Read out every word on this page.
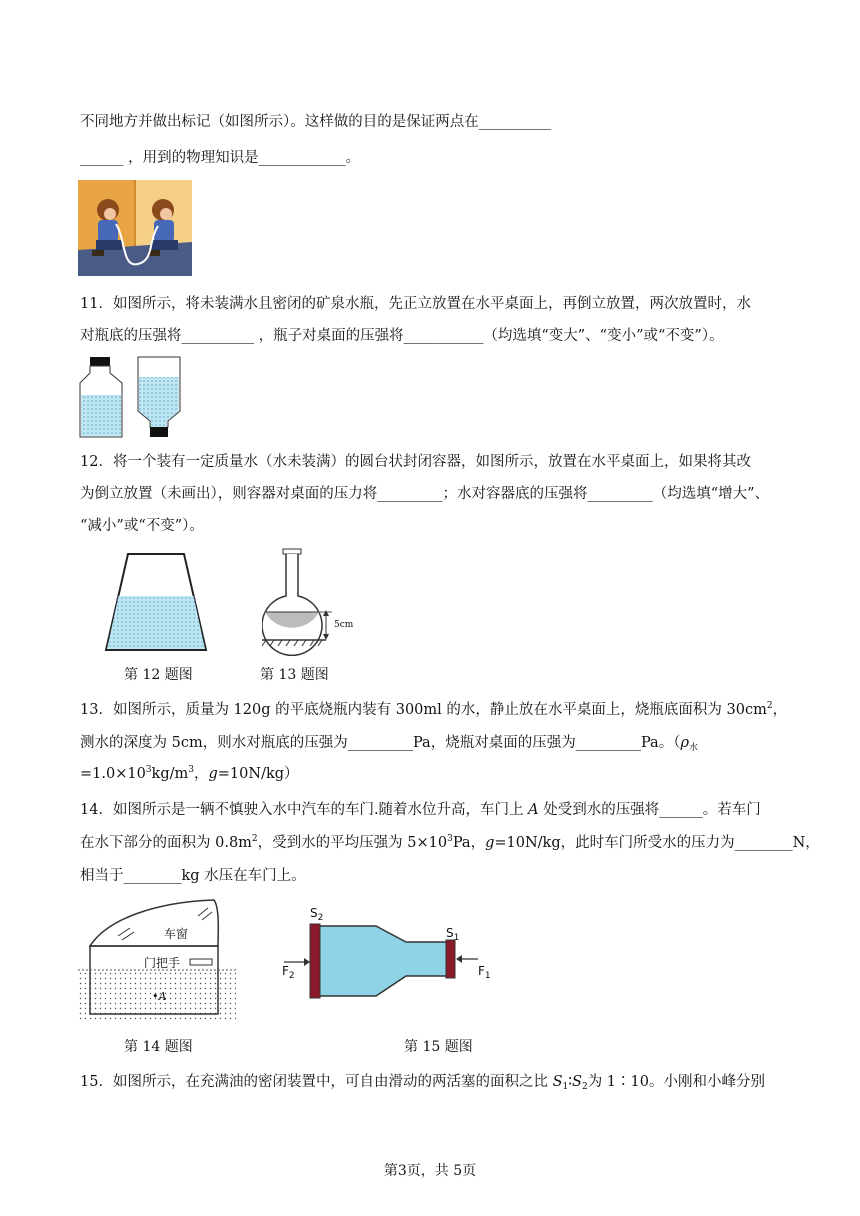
不同地方并做出标记（如图所示）。这样做的目的是保证两点在__________
______ ，用到的物理知识是____________。
11．如图所示，将未装满水且密闭的矿泉水瓶，先正立放置在水平桌面上，再倒立放置，两次放置时，水
对瓶底的压强将__________ ，瓶子对桌面的压强将___________（均选填“变大”、“变小”或“不变”）。
12．将一个装有一定质量水（水未装满）的圆台状封闭容器，如图所示，放置在水平桌面上，如果将其改
为倒立放置（未画出），则容器对桌面的压力将_________；水对容器底的压强将_________（均选填“增大”、
“减小”或“不变”）。
5cm
第 12 题图	第 13 题图
13．如图所示，质量为 120g 的平底烧瓶内装有 300ml 的水，静止放在水平桌面上，烧瓶底面积为 $30cm^2$，
测水的深度为 5cm，则水对瓶底的压强为_________Pa，烧瓶对桌面的压强为_________Pa。（$\rho_水$
$=1.0\times 10^3kg/m^3$，g=10N/kg）
14．如图所示是一辆不慎驶入水中汽车的车门.随着水位升高，车门上 A 处受到水的压强将______。若车门
在水下部分的面积为 $0.8m^2$，受到水的平均压强为 $5\times 10^3Pa$，g=10N/kg，此时车门所受水的压力为________N，
相当于________kg 水压在车门上。
车窗
门把手
•A
$S_2$
$S_1$
$F_2$	$F_1$
第 14 题图	第 15 题图
15．如图所示，在充满油的密闭装置中，可自由滑动的两活塞的面积之比 $S_1∶S_2$为 1∶10。小刚和小峰分别
第3页，共 5页
